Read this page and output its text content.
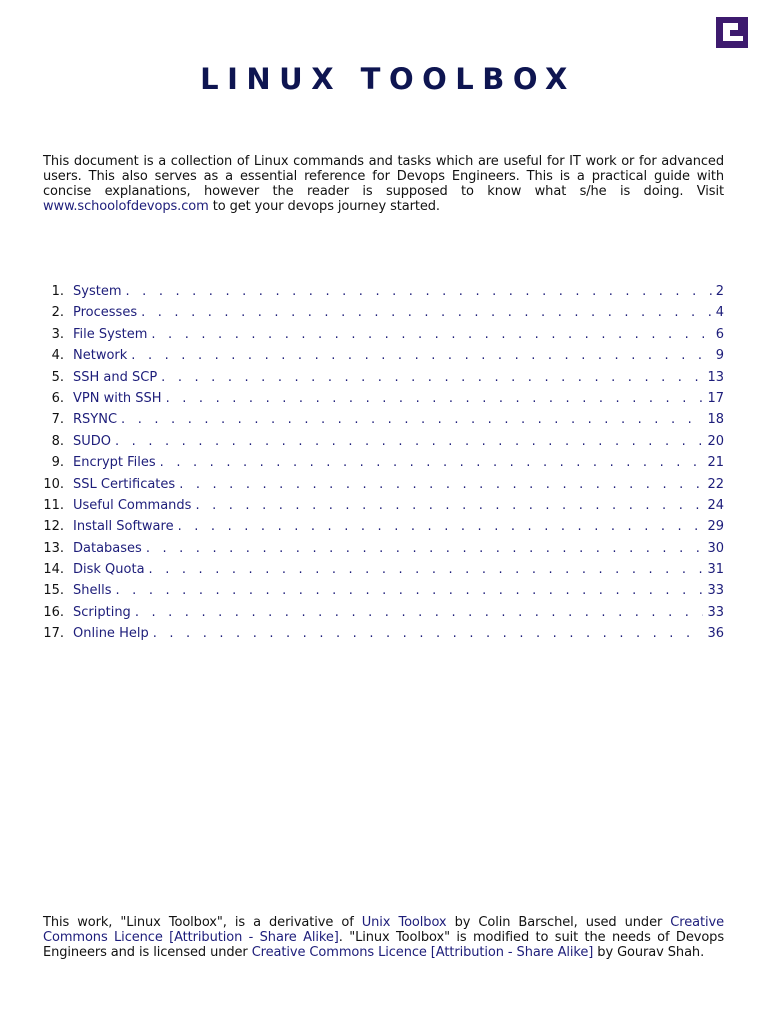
LINUX TOOLBOX
This document is a collection of Linux commands and tasks which are useful for IT work or for advanced users. This also serves as a essential reference for Devops Engineers. This is a practical guide with concise explanations, however the reader is supposed to know what s/he is doing. Visit www.schoolofdevops.com to get your devops journey started.
1. System . . .	2
2. Processes . . .	4
3. File System . . .	6
4. Network . . .	9
5. SSH and SCP . . .	13
6. VPN with SSH . . .	17
7. RSYNC . . .	18
8. SUDO . . .	20
9. Encrypt Files . . .	21
10. SSL Certificates . . .	22
11. Useful Commands . . .	24
12. Install Software . . .	29
13. Databases . . .	30
14. Disk Quota . . .	31
15. Shells . . .	33
16. Scripting . . .	33
17. Online Help . . .	36
This work, "Linux Toolbox", is a derivative of Unix Toolbox by Colin Barschel, used under Creative Commons Licence [Attribution - Share Alike]. "Linux Toolbox" is modified to suit the needs of Devops Engineers and is licensed under Creative Commons Licence [Attribution - Share Alike] by Gourav Shah.
